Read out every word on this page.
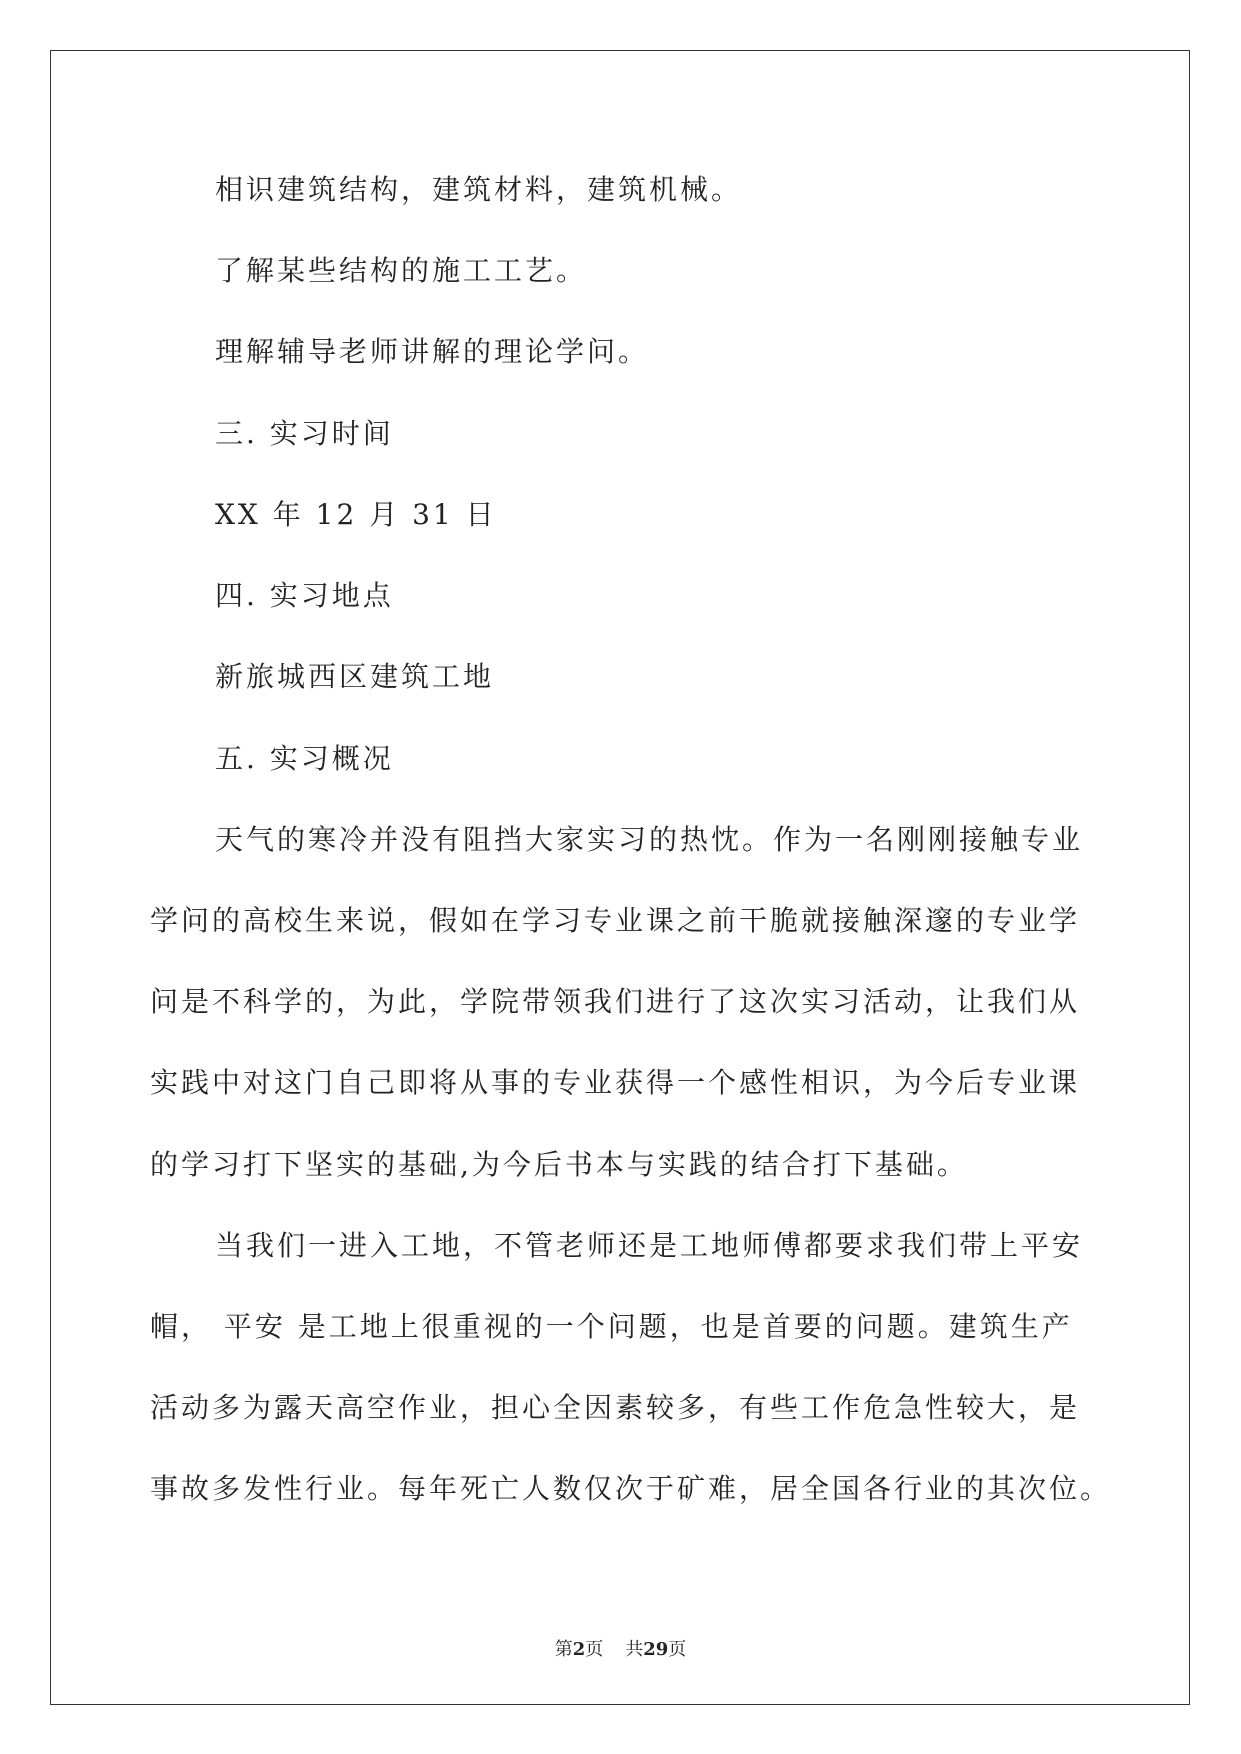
相识建筑结构，建筑材料，建筑机械。
了解某些结构的施工工艺。
理解辅导老师讲解的理论学问。
三. 实习时间
XX 年 12 月 31 日
四. 实习地点
新旅城西区建筑工地
五. 实习概况
天气的寒冷并没有阻挡大家实习的热忱。作为一名刚刚接触专业
学问的高校生来说，假如在学习专业课之前干脆就接触深邃的专业学
问是不科学的，为此，学院带领我们进行了这次实习活动，让我们从
实践中对这门自己即将从事的专业获得一个感性相识，为今后专业课
的学习打下坚实的基础,为今后书本与实践的结合打下基础。
当我们一进入工地，不管老师还是工地师傅都要求我们带上平安
帽， 平安 是工地上很重视的一个问题，也是首要的问题。建筑生产
活动多为露天高空作业，担心全因素较多，有些工作危急性较大，是
事故多发性行业。每年死亡人数仅次于矿难，居全国各行业的其次位。
第2页 共29页
